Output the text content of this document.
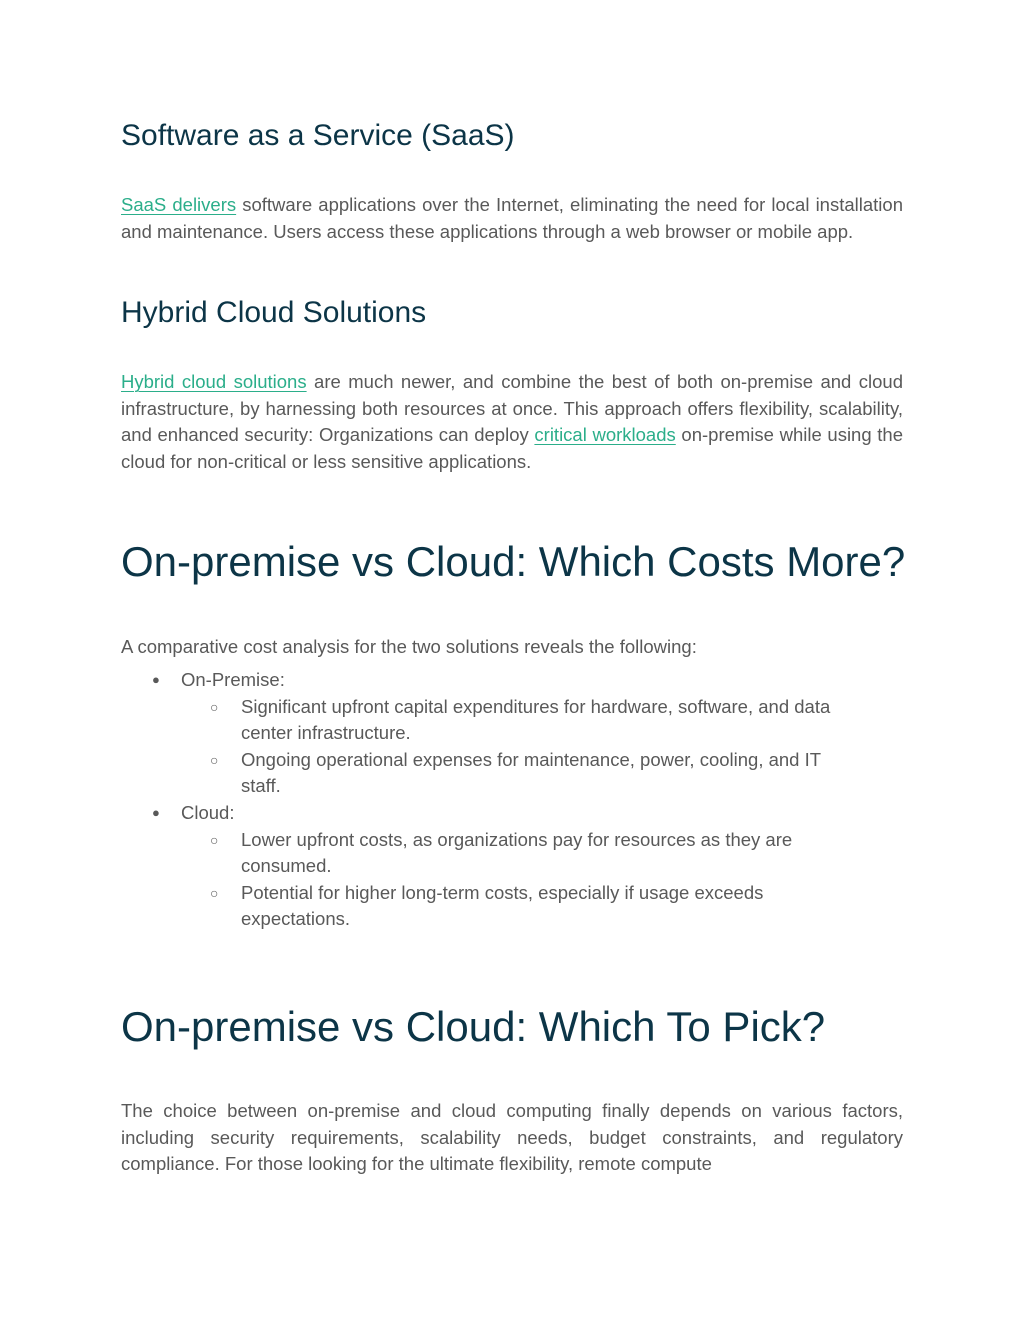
Software as a Service (SaaS)

SaaS delivers software applications over the Internet, eliminating the need for local installation and maintenance. Users access these applications through a web browser or mobile app.

Hybrid Cloud Solutions

Hybrid cloud solutions are much newer, and combine the best of both on-premise and cloud infrastructure, by harnessing both resources at once. This approach offers flexibility, scalability, and enhanced security: Organizations can deploy critical workloads on-premise while using the cloud for non-critical or less sensitive applications.

On-premise vs Cloud: Which Costs More?

A comparative cost analysis for the two solutions reveals the following:

● On-Premise:
○ Significant upfront capital expenditures for hardware, software, and data center infrastructure.
○ Ongoing operational expenses for maintenance, power, cooling, and IT staff.
● Cloud:
○ Lower upfront costs, as organizations pay for resources as they are consumed.
○ Potential for higher long-term costs, especially if usage exceeds expectations.
On-premise vs Cloud: Which To Pick?

The choice between on-premise and cloud computing finally depends on various factors, including security requirements, scalability needs, budget constraints, and regulatory compliance. For those looking for the ultimate flexibility, remote compute
